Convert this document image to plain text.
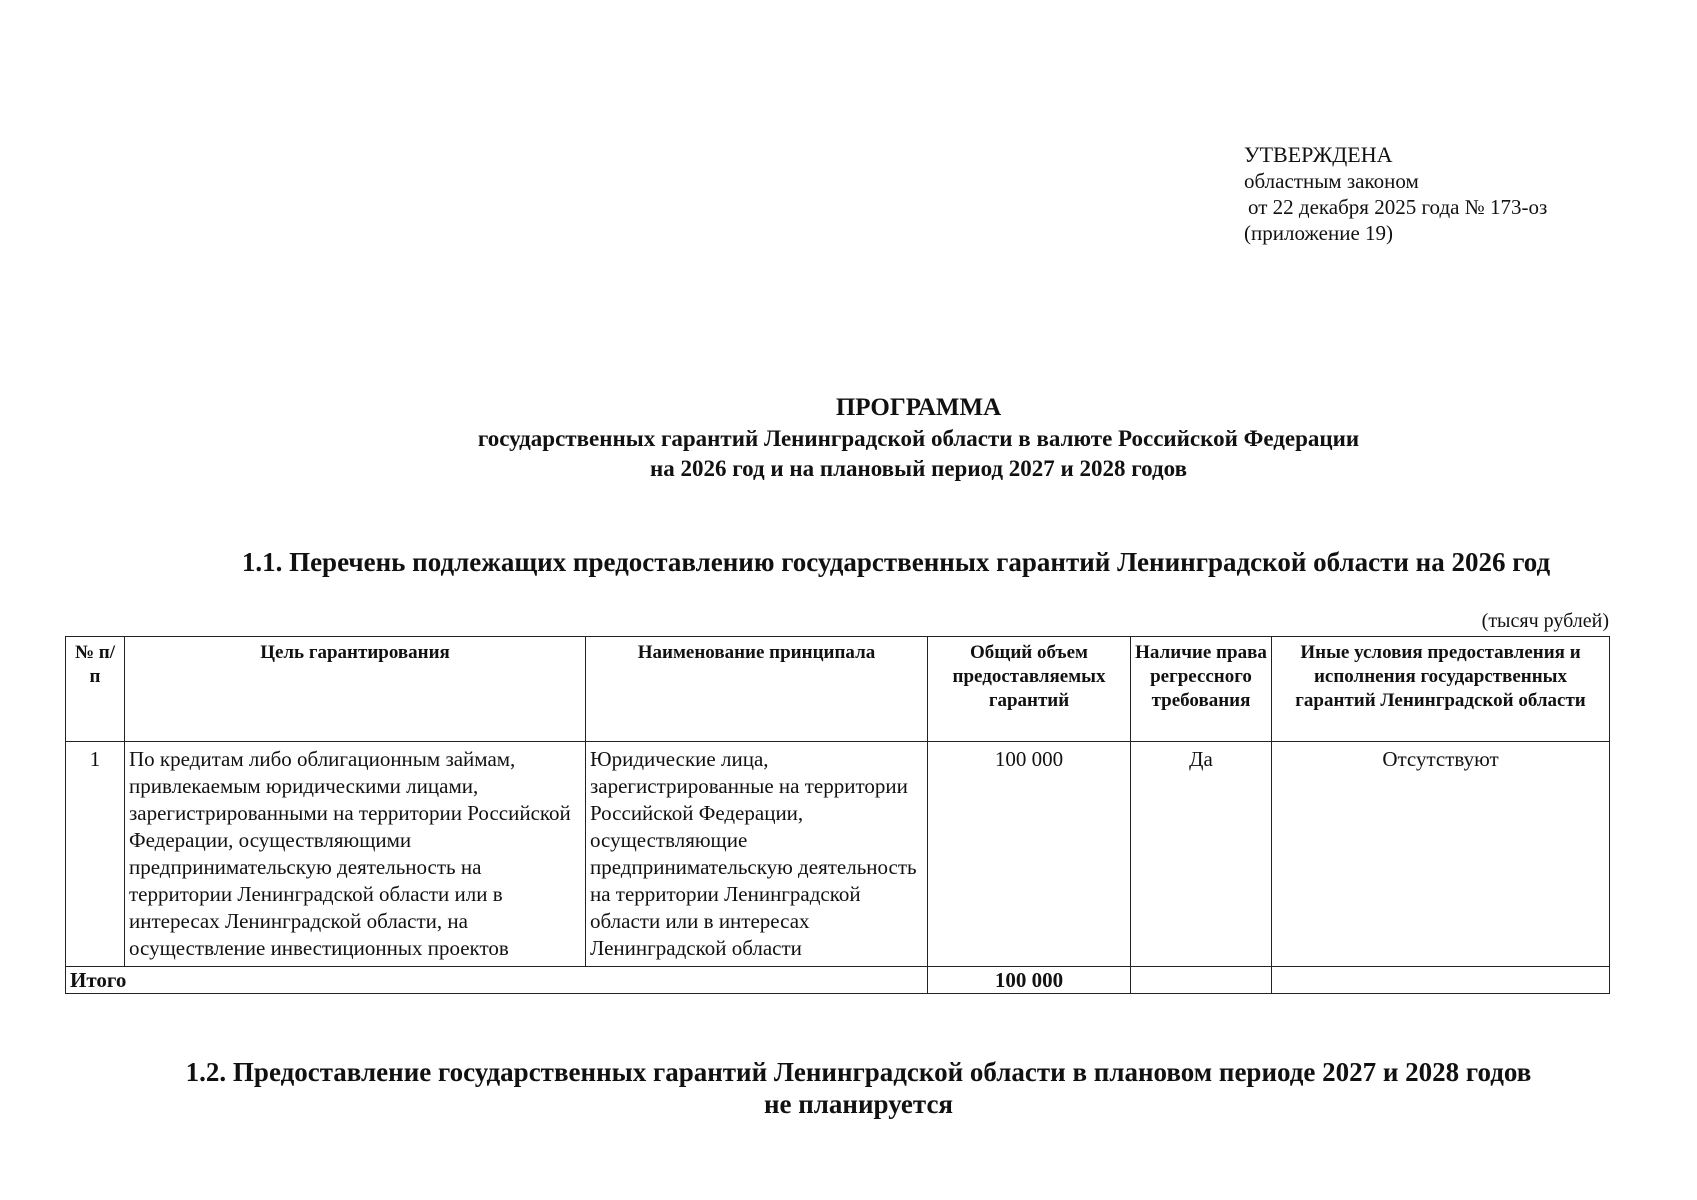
УТВЕРЖДЕНА
областным законом
от 22 декабря 2025 года № 173-оз
(приложение 19)
ПРОГРАММА
государственных гарантий Ленинградской области в валюте Российской Федерации
на 2026 год и на плановый период 2027 и 2028 годов
1.1. Перечень подлежащих предоставлению государственных гарантий Ленинградской области на 2026 год
(тысяч рублей)
№ п/п	Цель гарантирования	Наименование принципала	Общий объем предоставляемых гарантий	Наличие права регрессного требования	Иные условия предоставления и исполнения государственных гарантий Ленинградской области
1	По кредитам либо облигационным займам, привлекаемым юридическими лицами, зарегистрированными на территории Российской Федерации, осуществляющими предпринимательскую деятельность на территории Ленинградской области или в интересах Ленинградской области, на осуществление инвестиционных проектов	Юридические лица, зарегистрированные на территории Российской Федерации, осуществляющие предпринимательскую деятельность на территории Ленинградской области или в интересах Ленинградской области	100 000	Да	Отсутствуют
Итого			100 000		
1.2. Предоставление государственных гарантий Ленинградской области в плановом периоде 2027 и 2028 годов
не планируется
